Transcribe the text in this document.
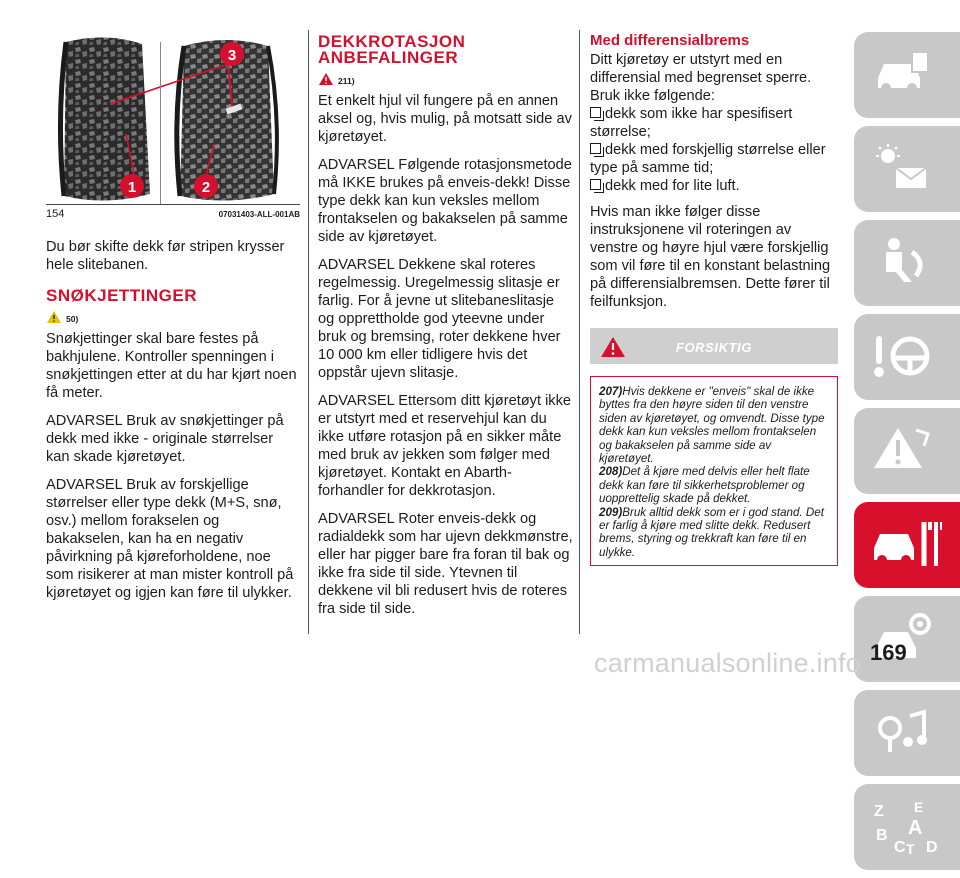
3
1	2
154	07031403-ALL-001AB

Du bør skifte dekk før stripen krysser hele slitebanen.

SNØKJETTINGER
50)

Snøkjettinger skal bare festes på bakhjulene. Kontroller spenningen i snøkjettingen etter at du har kjørt noen få meter.

ADVARSEL Bruk av snøkjettinger på dekk med ikke - originale størrelser kan skade kjøretøyet.

ADVARSEL Bruk av forskjellige størrelser eller type dekk (M+S, snø, osv.) mellom forakselen og bakakselen, kan ha en negativ påvirkning på kjøreforholdene, noe som risikerer at man mister kontroll på kjøretøyet og igjen kan føre til ulykker.

DEKKROTASJON
ANBEFALINGER
211)

Et enkelt hjul vil fungere på en annen aksel og, hvis mulig, på motsatt side av kjøretøyet.

ADVARSEL Følgende rotasjonsmetode må IKKE brukes på enveis-dekk! Disse type dekk kan kun veksles mellom frontakselen og bakakselen på samme side av kjøretøyet.

ADVARSEL Dekkene skal roteres regelmessig. Uregelmessig slitasje er farlig. For å jevne ut slitebaneslitasje og opprettholde god yteevne under bruk og bremsing, roter dekkene hver 10 000 km eller tidligere hvis det oppstår ujevn slitasje.

ADVARSEL Ettersom ditt kjøretøyt ikke er utstyrt med et reservehjul kan du ikke utføre rotasjon på en sikker måte med bruk av jekken som følger med kjøretøyet. Kontakt en Abarth-forhandler for dekkrotasjon.

ADVARSEL Roter enveis-dekk og radialdekk som har ujevn dekkmønstre, eller har pigger bare fra foran til bak og ikke fra side til side. Ytevnen til dekkene vil bli redusert hvis de roteres fra side til side.

Med differensialbrems

Ditt kjøretøy er utstyrt med en differensial med begrenset sperre. Bruk ikke følgende:

dekk som ikke har spesifisert størrelse;

dekk med forskjellig størrelse eller type på samme tid;

dekk med for lite luft.

Hvis man ikke følger disse instruksjonene vil roteringen av venstre og høyre hjul være forskjellig som vil føre til en konstant belastning på differensialbremsen. Dette fører til feilfunksjon.

FORSIKTIG

207)Hvis dekkene er "enveis" skal de ikke byttes fra den høyre siden til den venstre siden av kjøretøyet, og omvendt. Disse type dekk kan kun veksles mellom frontakselen og bakakselen på samme side av kjøretøyet.

208)Det å kjøre med delvis eller helt flate dekk kan føre til sikkerhetsproblemer og uopprettelig skade på dekket.

209)Bruk alltid dekk som er i god stand. Det er farlig å kjøre med slitte dekk. Redusert brems, styring og trekkraft kan føre til en ulykke.

Z E
B A
C T D
169
carmanualsonline.info
